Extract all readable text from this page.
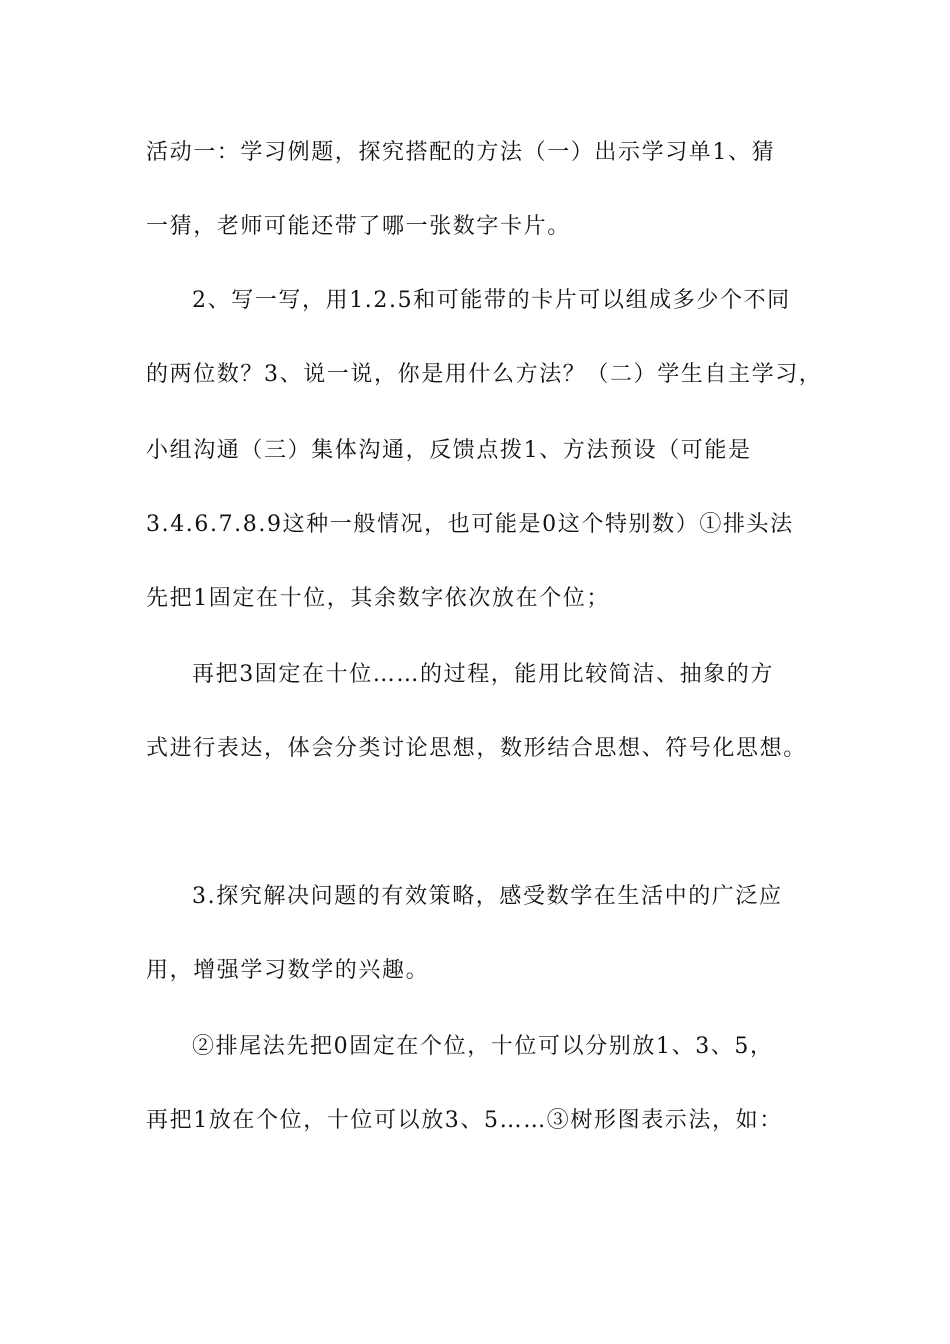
活动一：学习例题，探究搭配的方法（一）出示学习单1、猜
一猜，老师可能还带了哪一张数字卡片。
2、写一写，用1.2.5和可能带的卡片可以组成多少个不同
的两位数？3、说一说，你是用什么方法？（二）学生自主学习，
小组沟通（三）集体沟通，反馈点拨1、方法预设（可能是
3.4.6.7.8.9这种一般情况，也可能是0这个特别数）①排头法
先把1固定在十位，其余数字依次放在个位；
再把3固定在十位……的过程，能用比较简洁、抽象的方
式进行表达，体会分类讨论思想，数形结合思想、符号化思想。
3.探究解决问题的有效策略，感受数学在生活中的广泛应
用，增强学习数学的兴趣。
②排尾法先把0固定在个位，十位可以分别放1、3、5，
再把1放在个位，十位可以放3、5……③树形图表示法，如：
